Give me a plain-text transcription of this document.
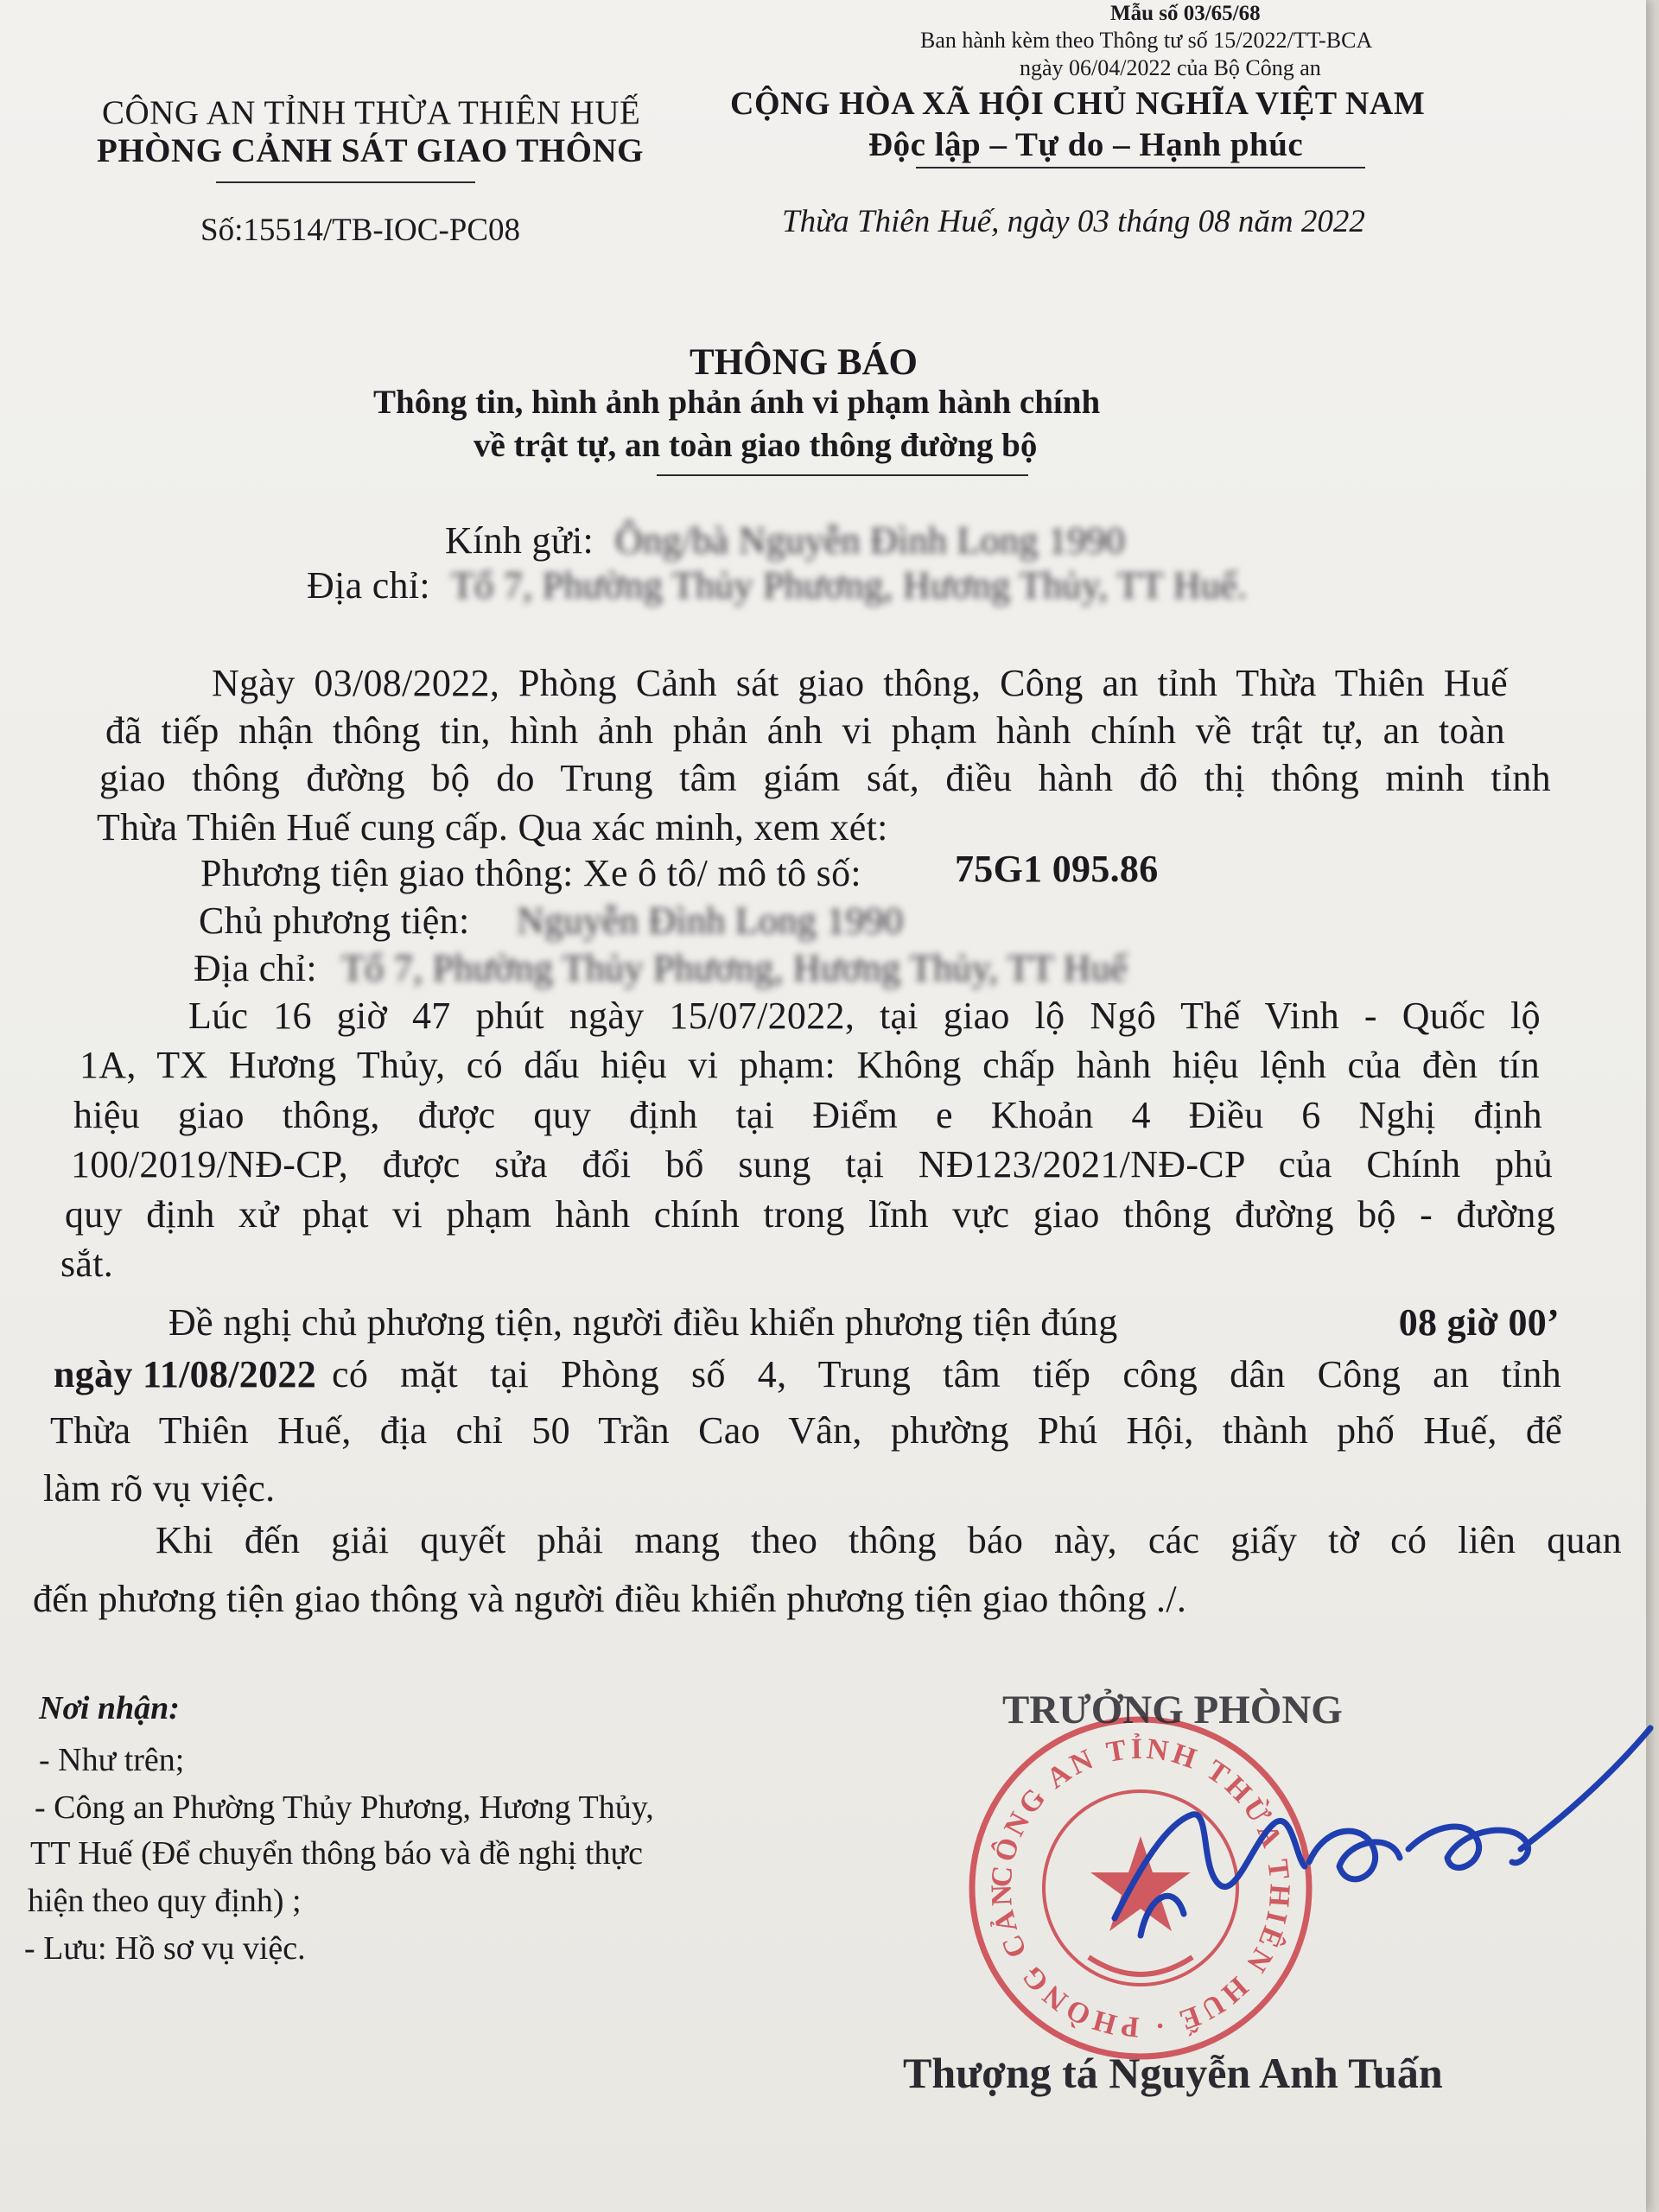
Mẫu số 03/65/68
Ban hành kèm theo Thông tư số 15/2022/TT-BCA
ngày 06/04/2022 của Bộ Công an
CÔNG AN TỈNH THỪA THIÊN HUẾ
PHÒNG CẢNH SÁT GIAO THÔNG
Số:15514/TB-IOC-PC08
CỘNG HÒA XÃ HỘI CHỦ NGHĨA VIỆT NAM
Độc lập – Tự do – Hạnh phúc
Thừa Thiên Huế, ngày 03 tháng 08 năm 2022
THÔNG BÁO
Thông tin, hình ảnh phản ánh vi phạm hành chính
về trật tự, an toàn giao thông đường bộ
Kính gửi: Ông/bà Nguyễn Đình Long 1990
Địa chỉ: Tổ 7, Phường Thủy Phương, Hương Thủy, TT Huế.
Ngày 03/08/2022, Phòng Cảnh sát giao thông, Công an tỉnh Thừa Thiên Huế
đã tiếp nhận thông tin, hình ảnh phản ánh vi phạm hành chính về trật tự, an toàn
giao thông đường bộ do Trung tâm giám sát, điều hành đô thị thông minh tỉnh
Thừa Thiên Huế cung cấp. Qua xác minh, xem xét:
Phương tiện giao thông: Xe ô tô/ mô tô số: 75G1 095.86
Chủ phương tiện: Nguyễn Đình Long 1990
Địa chỉ: Tổ 7, Phường Thủy Phương, Hương Thủy, TT Huế
Lúc 16 giờ 47 phút ngày 15/07/2022, tại giao lộ Ngô Thế Vinh - Quốc lộ
1A, TX Hương Thủy, có dấu hiệu vi phạm: Không chấp hành hiệu lệnh của đèn tín
hiệu giao thông, được quy định tại Điểm e Khoản 4 Điều 6 Nghị định
100/2019/NĐ-CP, được sửa đổi bổ sung tại NĐ123/2021/NĐ-CP của Chính phủ
quy định xử phạt vi phạm hành chính trong lĩnh vực giao thông đường bộ - đường
sắt.
Đề nghị chủ phương tiện, người điều khiển phương tiện đúng	08 giờ 00’
ngày 11/08/2022 có mặt tại Phòng số 4, Trung tâm tiếp công dân Công an tỉnh
Thừa Thiên Huế, địa chỉ 50 Trần Cao Vân, phường Phú Hội, thành phố Huế, để
làm rõ vụ việc.
Khi đến giải quyết phải mang theo thông báo này, các giấy tờ có liên quan
đến phương tiện giao thông và người điều khiển phương tiện giao thông ./.
Nơi nhận:
- Như trên;
- Công an Phường Thủy Phương, Hương Thủy,
TT Huế (Để chuyển thông báo và đề nghị thực
hiện theo quy định) ;
- Lưu: Hồ sơ vụ việc.
CÔNG AN TỈNH THỪA THIÊN HUẾ · PHÒNG CẢN
TRƯỞNG PHÒNG
Thượng tá Nguyễn Anh Tuấn
